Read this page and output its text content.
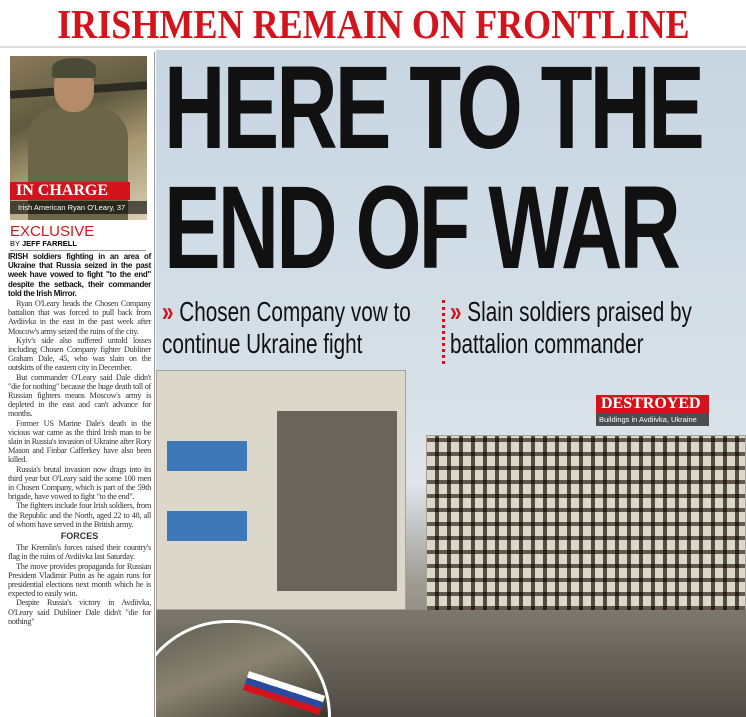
IRISHMEN REMAIN ON FRONTLINE
IN CHARGE
Irish American Ryan O'Leary, 37
EXCLUSIVE
BY JEFF FARRELL

IRISH soldiers fighting in an area of Ukraine that Russia seized in the past week have vowed to fight "to the end" despite the setback, their commander told the Irish Mirror.

Ryan O'Leary heads the Chosen Company battalion that was forced to pull back from Avdiivka in the east in the past week after Moscow's army seized the ruins of the city.

Kyiv's side also suffered untold losses including Chosen Company fighter Dubliner Graham Dale, 45, who was slain on the outskirts of the eastern city in December.

But commander O'Leary said Dale didn't "die for nothing" because the huge death toll of Russian fighters means Moscow's army is depleted in the east and can't advance for months.

Former US Marine Dale's death in the vicious war came as the third Irish man to be slain in Russia's invasion of Ukraine after Rory Mason and Finbar Cafferkey have also been killed.

Russia's brutal invasion now drags into its third year but O'Leary said the some 100 men in Chosen Company, which is part of the 59th brigade, have vowed to fight "to the end".

The fighters include four Irish soldiers, from the Republic and the North, aged 22 to 48, all of whom have served in the British army.

FORCES

The Kremlin's forces raised their country's flag in the ruins of Avdiivka last Saturday.

The move provides propaganda for Russian President Vladimir Putin as he again runs for presidential elections next month which he is expected to easily win.

Despite Russia's victory in Avdiivka, O'Leary said Dubliner Dale didn't "die for nothing"

HERE TO THE END OF WAR
» Chosen Company vow to continue Ukraine fight
» Slain soldiers praised by battalion commander
DESTROYED
Buildings in Avdiivka, Ukraine
